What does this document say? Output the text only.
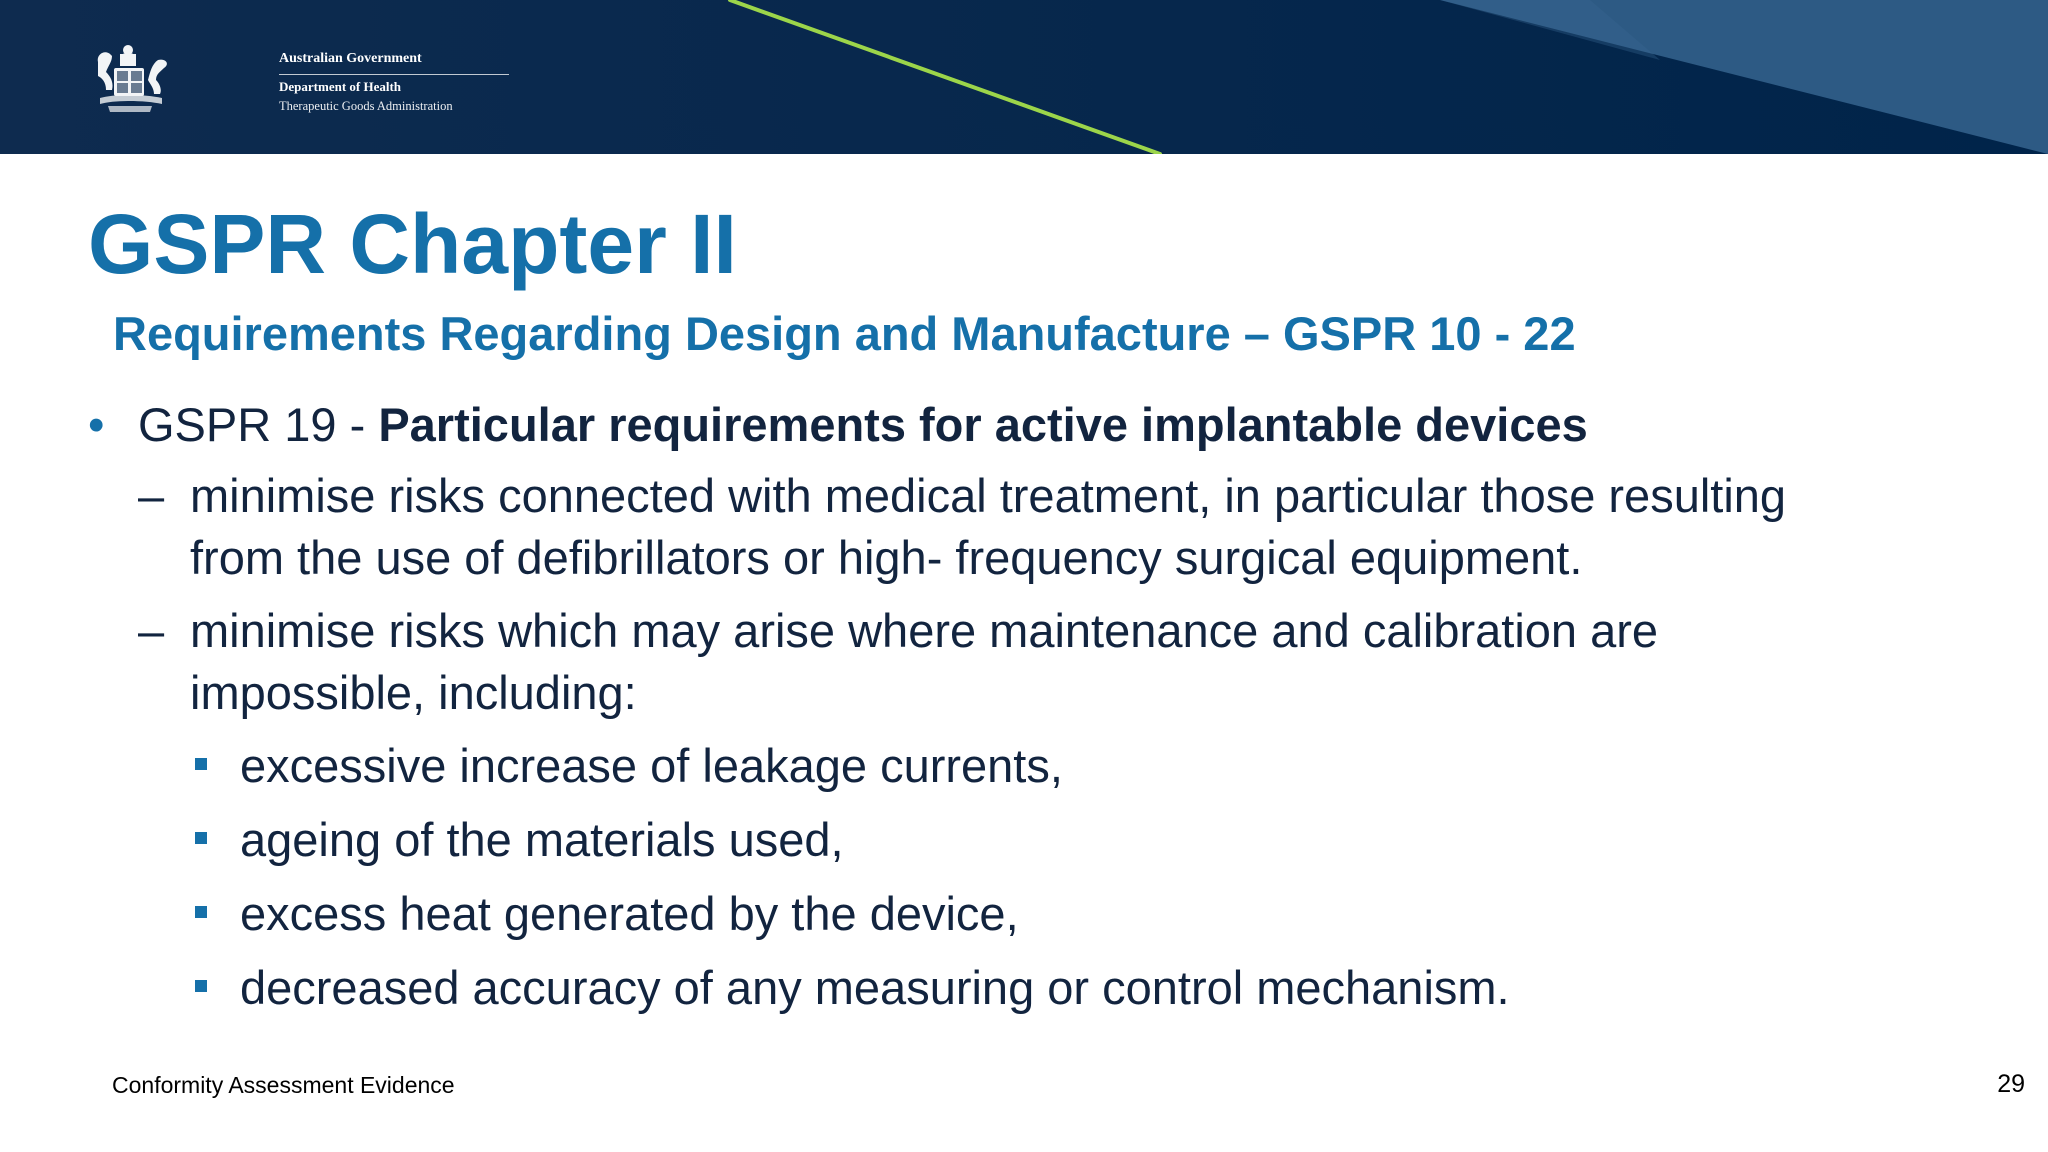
Australian Government
Department of Health
Therapeutic Goods Administration
GSPR Chapter II
Requirements Regarding Design and Manufacture – GSPR 10 - 22
• GSPR 19 - Particular requirements for active implantable devices
– minimise risks connected with medical treatment, in particular those resulting
from the use of defibrillators or high- frequency surgical equipment.
– minimise risks which may arise where maintenance and calibration are
impossible, including:
excessive increase of leakage currents,
ageing of the materials used,
excess heat generated by the device,
decreased accuracy of any measuring or control mechanism.
Conformity Assessment Evidence	29
